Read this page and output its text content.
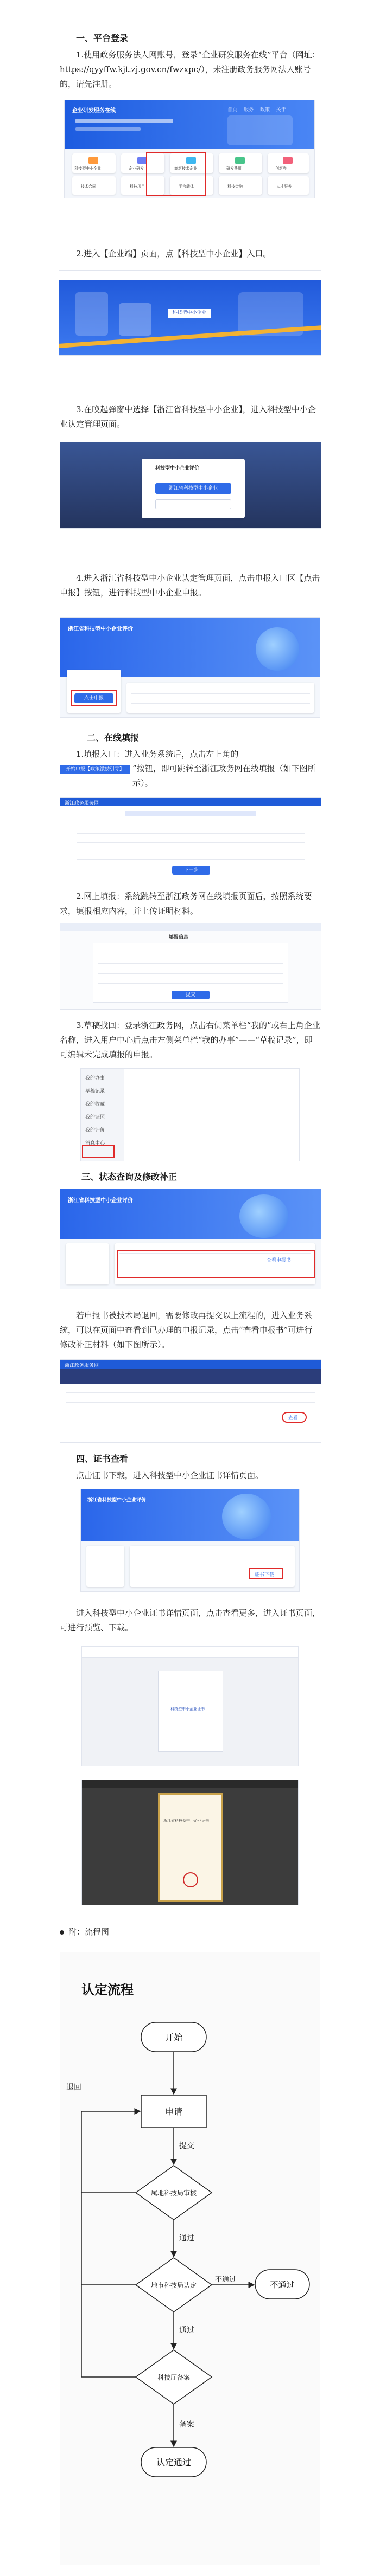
一、平台登录
1.使用政务服务法人网账号，登录“企业研发服务在线”平台（网址：https://qyyffw.kjt.zj.gov.cn/fwzxpc/），未注册政务服务网法人账号的，请先注册。
企业研发服务在线	首页 服务 政策 关于
科技型中小企业	企业研发	高新技术企业	研发费用	创新券
技术合同	科技项目	平台载体	科技金融	人才服务
2.进入【企业端】页面，点【科技型中小企业】入口。
科技型中小企业
3.在唤起弹窗中选择【浙江省科技型中小企业】，进入科技型中小企业认定管理页面。
科技型中小企业评价
浙江省科技型中小企业
4.进入浙江省科技型中小企业认定管理页面，点击申报入口区【点击申报】按钮，进行科技型中小企业申报。
浙江省科技型中小企业评价
点击申报
二、在线填报
1.填报入口：进入业务系统后，点击左上角的
开始申报【政策激励引导】	”按钮，即可跳转至浙江政务网在线填报（如下图所示）。
浙江政务服务网
下一步
2.网上填报：系统跳转至浙江政务网在线填报页面后，按照系统要求，填报相应内容，并上传证明材料。
填报信息
提交
3.草稿找回：登录浙江政务网，点击右侧菜单栏“我的”或右上角企业名称，进入用户中心后点击左侧菜单栏“我的办事”——“草稿记录”，即可编辑未完成填报的申报。
我的办事
草稿记录
我的收藏
我的证照
我的评价
消息中心
三、状态查询及修改补正
浙江省科技型中小企业评价
查看申报书
若申报书被技术局退回，需要修改再提交以上流程的，进入业务系统，可以在页面中查看到已办理的申报记录，点击“查看申报书”可进行修改补正材料（如下图所示）。
浙江政务服务网
查看
四、证书查看
点击证书下载，进入科技型中小企业证书详情页面。
浙江省科技型中小企业评价
证书下载
进入科技型中小企业证书详情页面，点击查看更多，进入证书页面，可进行预览、下载。
科技型中小企业证书
浙江省科技型中小企业证书
附：流程图
认定流程
开始
申请
提交
属地科技局审核
通过
地市科技局认定
通过
科技厅备案
备案
认定通过
退回
不通过
不通过
